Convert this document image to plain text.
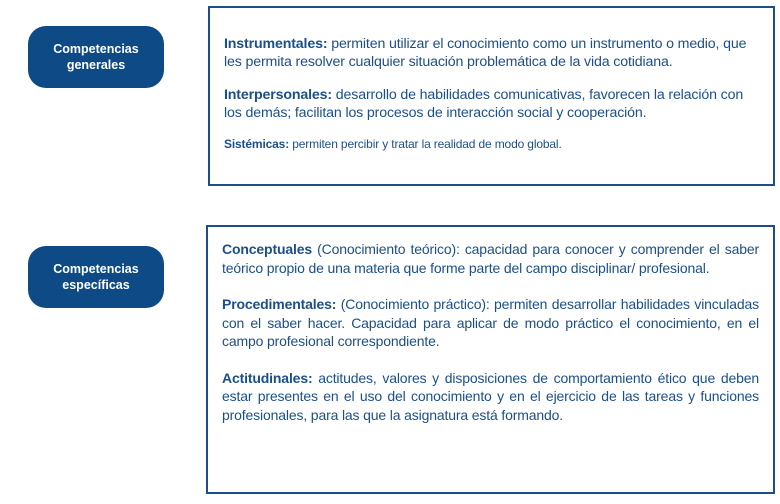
Competencias
generales
Competencias
específicas

Instrumentales: permiten utilizar el conocimiento como un instrumento o medio, que les permita resolver cualquier situación problemática de la vida cotidiana.

Interpersonales: desarrollo de habilidades comunicativas, favorecen la relación con los demás; facilitan los procesos de interacción social y cooperación.

Sistémicas: permiten percibir y tratar la realidad de modo global.

Conceptuales (Conocimiento teórico): capacidad para conocer y comprender el saber teórico propio de una materia que forme parte del campo disciplinar/ profesional.

Procedimentales: (Conocimiento práctico): permiten desarrollar habilidades vinculadas con el saber hacer. Capacidad para aplicar de modo práctico el conocimiento, en el campo profesional correspondiente.

Actitudinales: actitudes, valores y disposiciones de comportamiento ético que deben estar presentes en el uso del conocimiento y en el ejercicio de las tareas y funciones profesionales, para las que la asignatura está formando.
